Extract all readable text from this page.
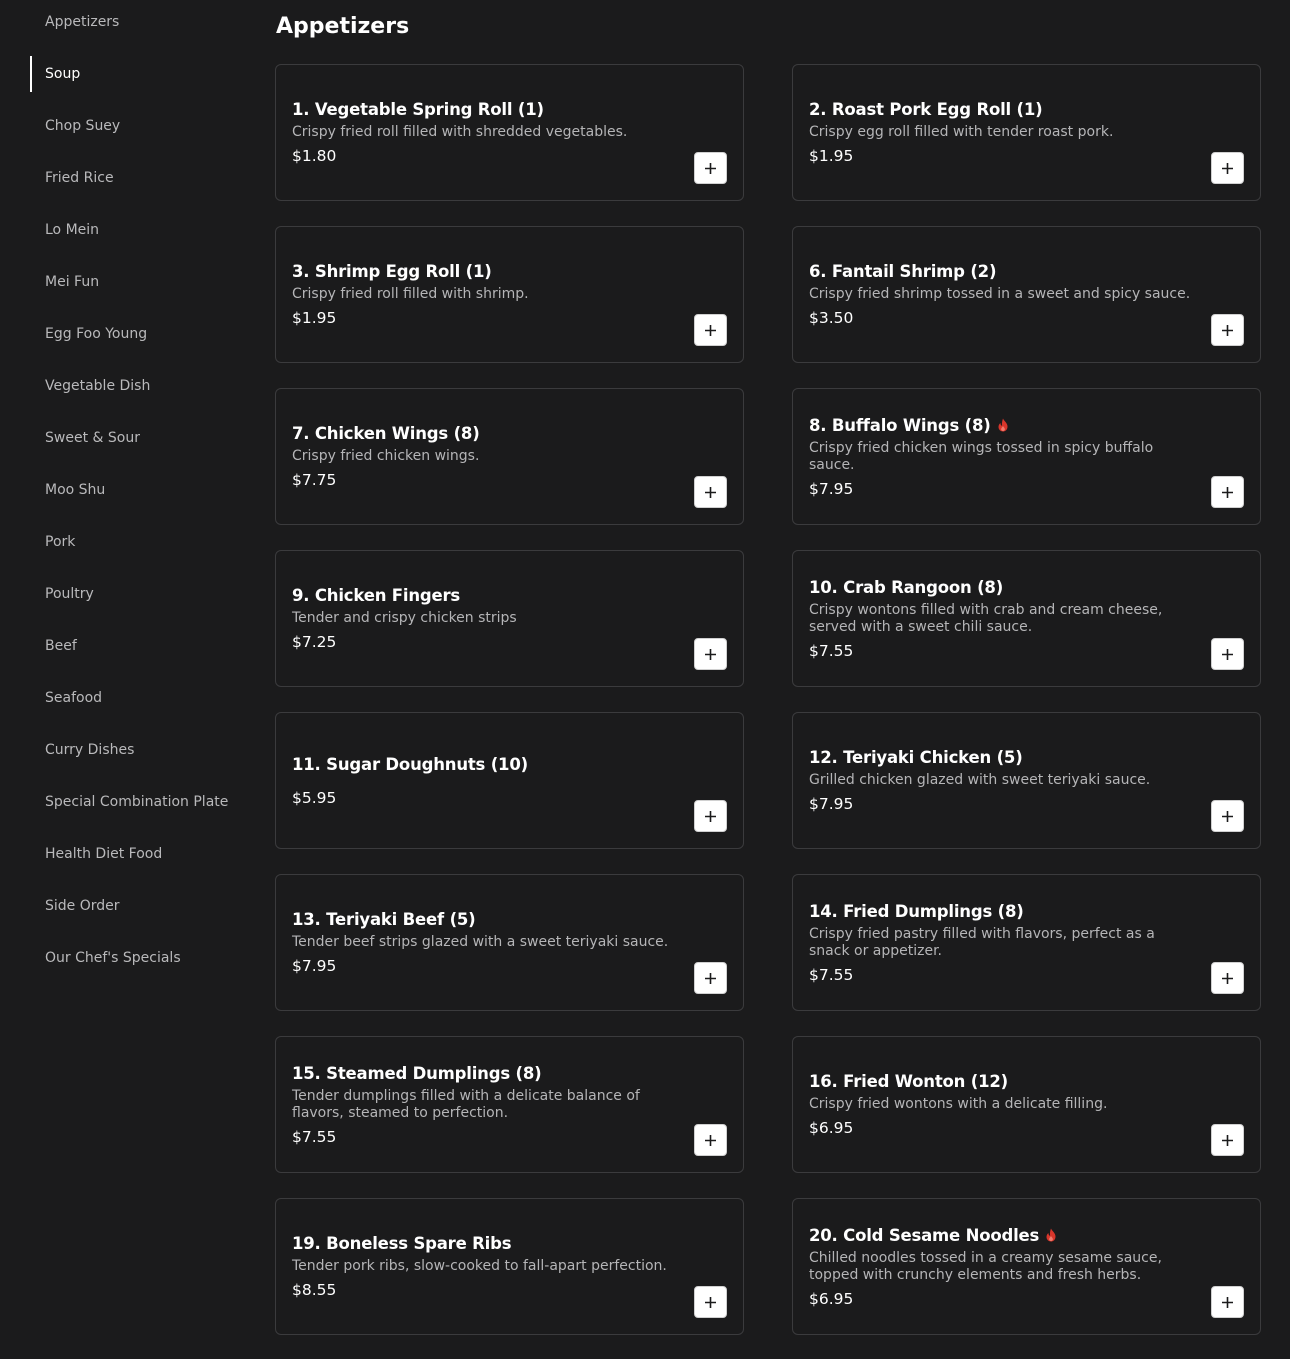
Appetizers
Soup
Chop Suey
Fried Rice
Lo Mein
Mei Fun
Egg Foo Young
Vegetable Dish
Sweet & Sour
Moo Shu
Pork
Poultry
Beef
Seafood
Curry Dishes
Special Combination Plate
Health Diet Food
Side Order
Our Chef's Specials
Appetizers
1. Vegetable Spring Roll (1)
Crispy fried roll filled with shredded vegetables.
$1.80
2. Roast Pork Egg Roll (1)
Crispy egg roll filled with tender roast pork.
$1.95
3. Shrimp Egg Roll (1)
Crispy fried roll filled with shrimp.
$1.95
6. Fantail Shrimp (2)
Crispy fried shrimp tossed in a sweet and spicy sauce.
$3.50
7. Chicken Wings (8)
Crispy fried chicken wings.
$7.75
8. Buffalo Wings (8)
Crispy fried chicken wings tossed in spicy buffalo sauce.
$7.95
9. Chicken Fingers
Tender and crispy chicken strips
$7.25
10. Crab Rangoon (8)
Crispy wontons filled with crab and cream cheese, served with a sweet chili sauce.
$7.55
11. Sugar Doughnuts (10)
$5.95
12. Teriyaki Chicken (5)
Grilled chicken glazed with sweet teriyaki sauce.
$7.95
13. Teriyaki Beef (5)
Tender beef strips glazed with a sweet teriyaki sauce.
$7.95
14. Fried Dumplings (8)
Crispy fried pastry filled with flavors, perfect as a snack or appetizer.
$7.55
15. Steamed Dumplings (8)
Tender dumplings filled with a delicate balance of flavors, steamed to perfection.
$7.55
16. Fried Wonton (12)
Crispy fried wontons with a delicate filling.
$6.95
19. Boneless Spare Ribs
Tender pork ribs, slow-cooked to fall-apart perfection.
$8.55
20. Cold Sesame Noodles
Chilled noodles tossed in a creamy sesame sauce, topped with crunchy elements and fresh herbs.
$6.95
